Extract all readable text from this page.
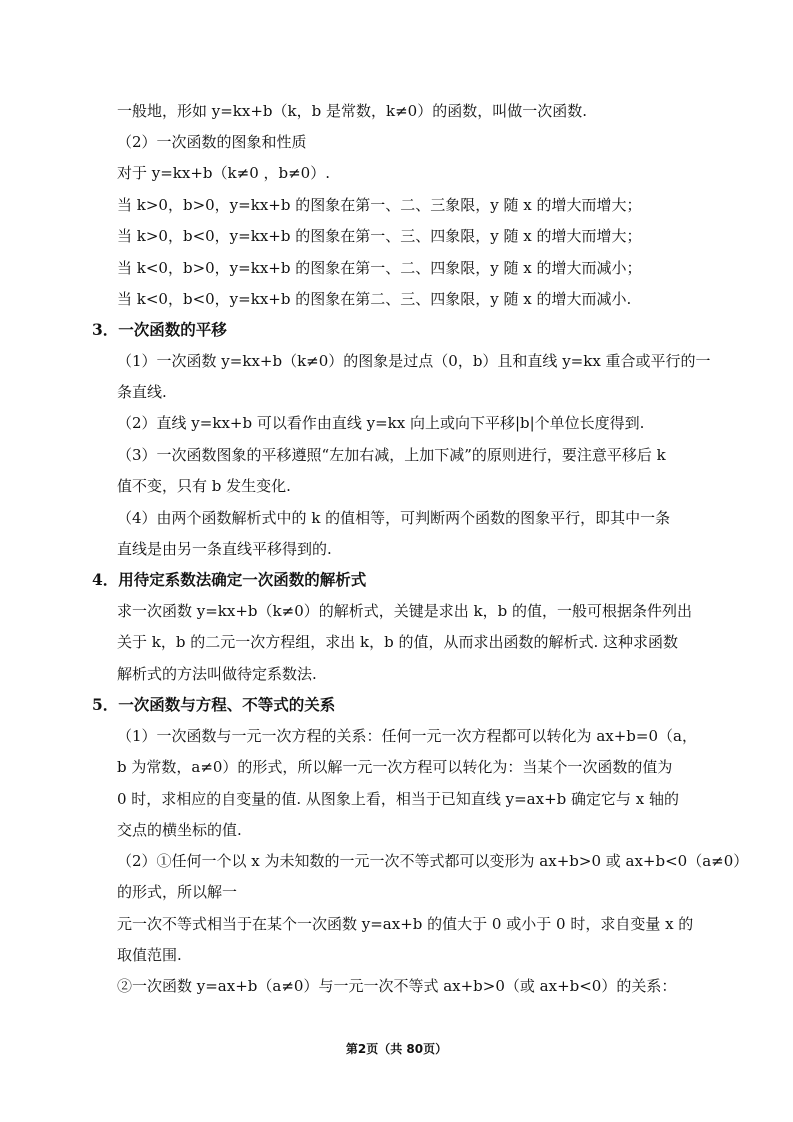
一般地，形如 y=kx+b（k，b 是常数，k≠0）的函数，叫做一次函数.
（2）一次函数的图象和性质
对于 y=kx+b（k≠0 ，b≠0）.
当 k>0，b>0，y=kx+b 的图象在第一、二、三象限，y 随 x 的增大而增大；
当 k>0，b<0，y=kx+b 的图象在第一、三、四象限，y 随 x 的增大而增大；
当 k<0，b>0，y=kx+b 的图象在第一、二、四象限，y 随 x 的增大而减小；
当 k<0，b<0，y=kx+b 的图象在第二、三、四象限，y 随 x 的增大而减小.
3．一次函数的平移
（1）一次函数 y=kx+b（k≠0）的图象是过点（0，b）且和直线 y=kx 重合或平行的一
条直线.
（2）直线 y=kx+b 可以看作由直线 y=kx 向上或向下平移|b|个单位长度得到.
（3）一次函数图象的平移遵照“左加右减，上加下减”的原则进行，要注意平移后 k
值不变，只有 b 发生变化.
（4）由两个函数解析式中的 k 的值相等，可判断两个函数的图象平行，即其中一条
直线是由另一条直线平移得到的.
4．用待定系数法确定一次函数的解析式
求一次函数 y=kx+b（k≠0）的解析式，关键是求出 k，b 的值，一般可根据条件列出
关于 k，b 的二元一次方程组，求出 k，b 的值，从而求出函数的解析式. 这种求函数
解析式的方法叫做待定系数法.
5．一次函数与方程、不等式的关系
（1）一次函数与一元一次方程的关系：任何一元一次方程都可以转化为 ax+b=0（a，
b 为常数，a≠0）的形式，所以解一元一次方程可以转化为：当某个一次函数的值为
0 时，求相应的自变量的值. 从图象上看，相当于已知直线 y=ax+b 确定它与 x 轴的
交点的横坐标的值.
（2）①任何一个以 x 为未知数的一元一次不等式都可以变形为 ax+b>0 或 ax+b<0（a≠0）
的形式，所以解一
元一次不等式相当于在某个一次函数 y=ax+b 的值大于 0 或小于 0 时，求自变量 x 的
取值范围.
②一次函数 y=ax+b（a≠0）与一元一次不等式 ax+b>0（或 ax+b<0）的关系：
第2页（共 80页）
